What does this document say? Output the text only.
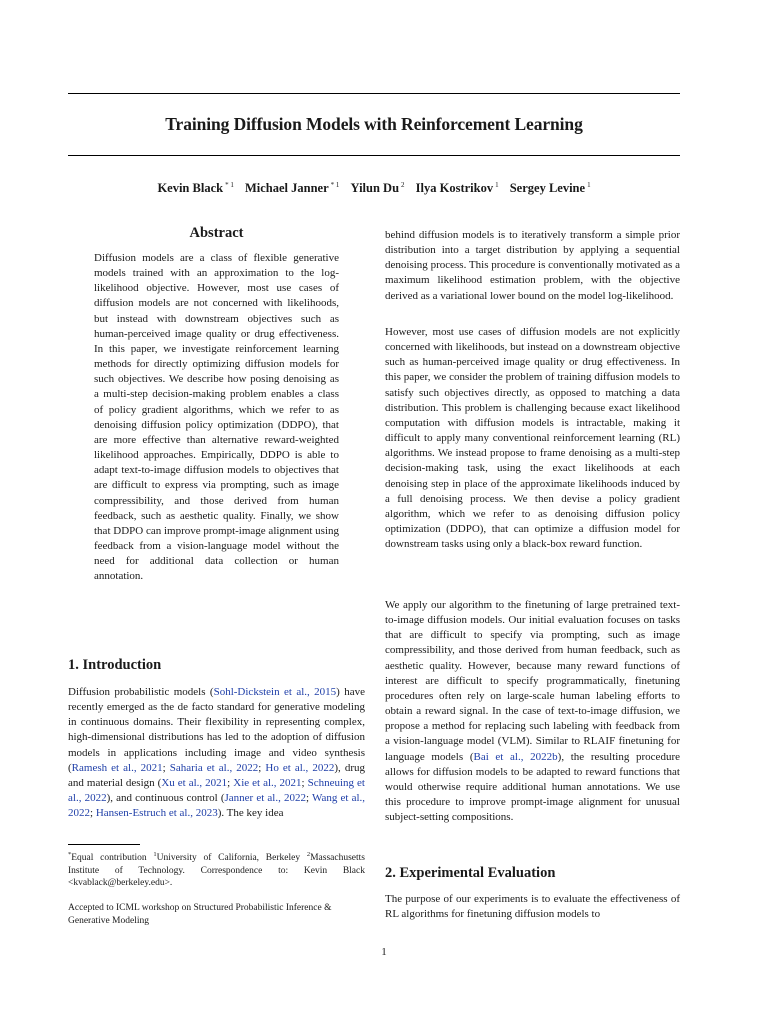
Training Diffusion Models with Reinforcement Learning
Kevin Black $^{* 1}$ Michael Janner $^{* 1}$ Yilun Du $^2$ Ilya Kostrikov $^1$ Sergey Levine $^1$
Abstract

Diffusion models are a class of flexible generative models trained with an approximation to the log-likelihood objective. However, most use cases of diffusion models are not concerned with likelihoods, but instead with downstream objectives such as human-perceived image quality or drug effectiveness. In this paper, we investigate reinforcement learning methods for directly optimizing diffusion models for such objectives. We describe how posing denoising as a multi-step decision-making problem enables a class of policy gradient algorithms, which we refer to as denoising diffusion policy optimization (DDPO), that are more effective than alternative reward-weighted likelihood approaches. Empirically, DDPO is able to adapt text-to-image diffusion models to objectives that are difficult to express via prompting, such as image compressibility, and those derived from human feedback, such as aesthetic quality. Finally, we show that DDPO can improve prompt-image alignment using feedback from a vision-language model without the need for additional data collection or human annotation.

1. Introduction

Diffusion probabilistic models (Sohl-Dickstein et al., 2015) have recently emerged as the de facto standard for generative modeling in continuous domains. Their flexibility in representing complex, high-dimensional distributions has led to the adoption of diffusion models in applications including image and video synthesis (Ramesh et al., 2021; Saharia et al., 2022; Ho et al., 2022), drug and material design (Xu et al., 2021; Xie et al., 2021; Schneuing et al., 2022), and continuous control (Janner et al., 2022; Wang et al., 2022; Hansen-Estruch et al., 2023). The key idea

*Equal contribution $^1$University of California, Berkeley $^2$Massachusetts Institute of Technology. Correspondence to: Kevin Black <kvablack@berkeley.edu>.

Accepted to ICML workshop on Structured Probabilistic Inference & Generative Modeling

behind diffusion models is to iteratively transform a simple prior distribution into a target distribution by applying a sequential denoising process. This procedure is conventionally motivated as a maximum likelihood estimation problem, with the objective derived as a variational lower bound on the model log-likelihood.

However, most use cases of diffusion models are not explicitly concerned with likelihoods, but instead on a downstream objective such as human-perceived image quality or drug effectiveness. In this paper, we consider the problem of training diffusion models to satisfy such objectives directly, as opposed to matching a data distribution. This problem is challenging because exact likelihood computation with diffusion models is intractable, making it difficult to apply many conventional reinforcement learning (RL) algorithms. We instead propose to frame denoising as a multi-step decision-making task, using the exact likelihoods at each denoising step in place of the approximate likelihoods induced by a full denoising process. We then devise a policy gradient algorithm, which we refer to as denoising diffusion policy optimization (DDPO), that can optimize a diffusion model for downstream tasks using only a black-box reward function.

We apply our algorithm to the finetuning of large pretrained text-to-image diffusion models. Our initial evaluation focuses on tasks that are difficult to specify via prompting, such as image compressibility, and those derived from human feedback, such as aesthetic quality. However, because many reward functions of interest are difficult to specify programmatically, finetuning procedures often rely on large-scale human labeling efforts to obtain a reward signal. In the case of text-to-image diffusion, we propose a method for replacing such labeling with feedback from a vision-language model (VLM). Similar to RLAIF finetuning for language models (Bai et al., 2022b), the resulting procedure allows for diffusion models to be adapted to reward functions that would otherwise require additional human annotations. We use this procedure to improve prompt-image alignment for unusual subject-setting compositions.

2. Experimental Evaluation

The purpose of our experiments is to evaluate the effectiveness of RL algorithms for finetuning diffusion models to

1
